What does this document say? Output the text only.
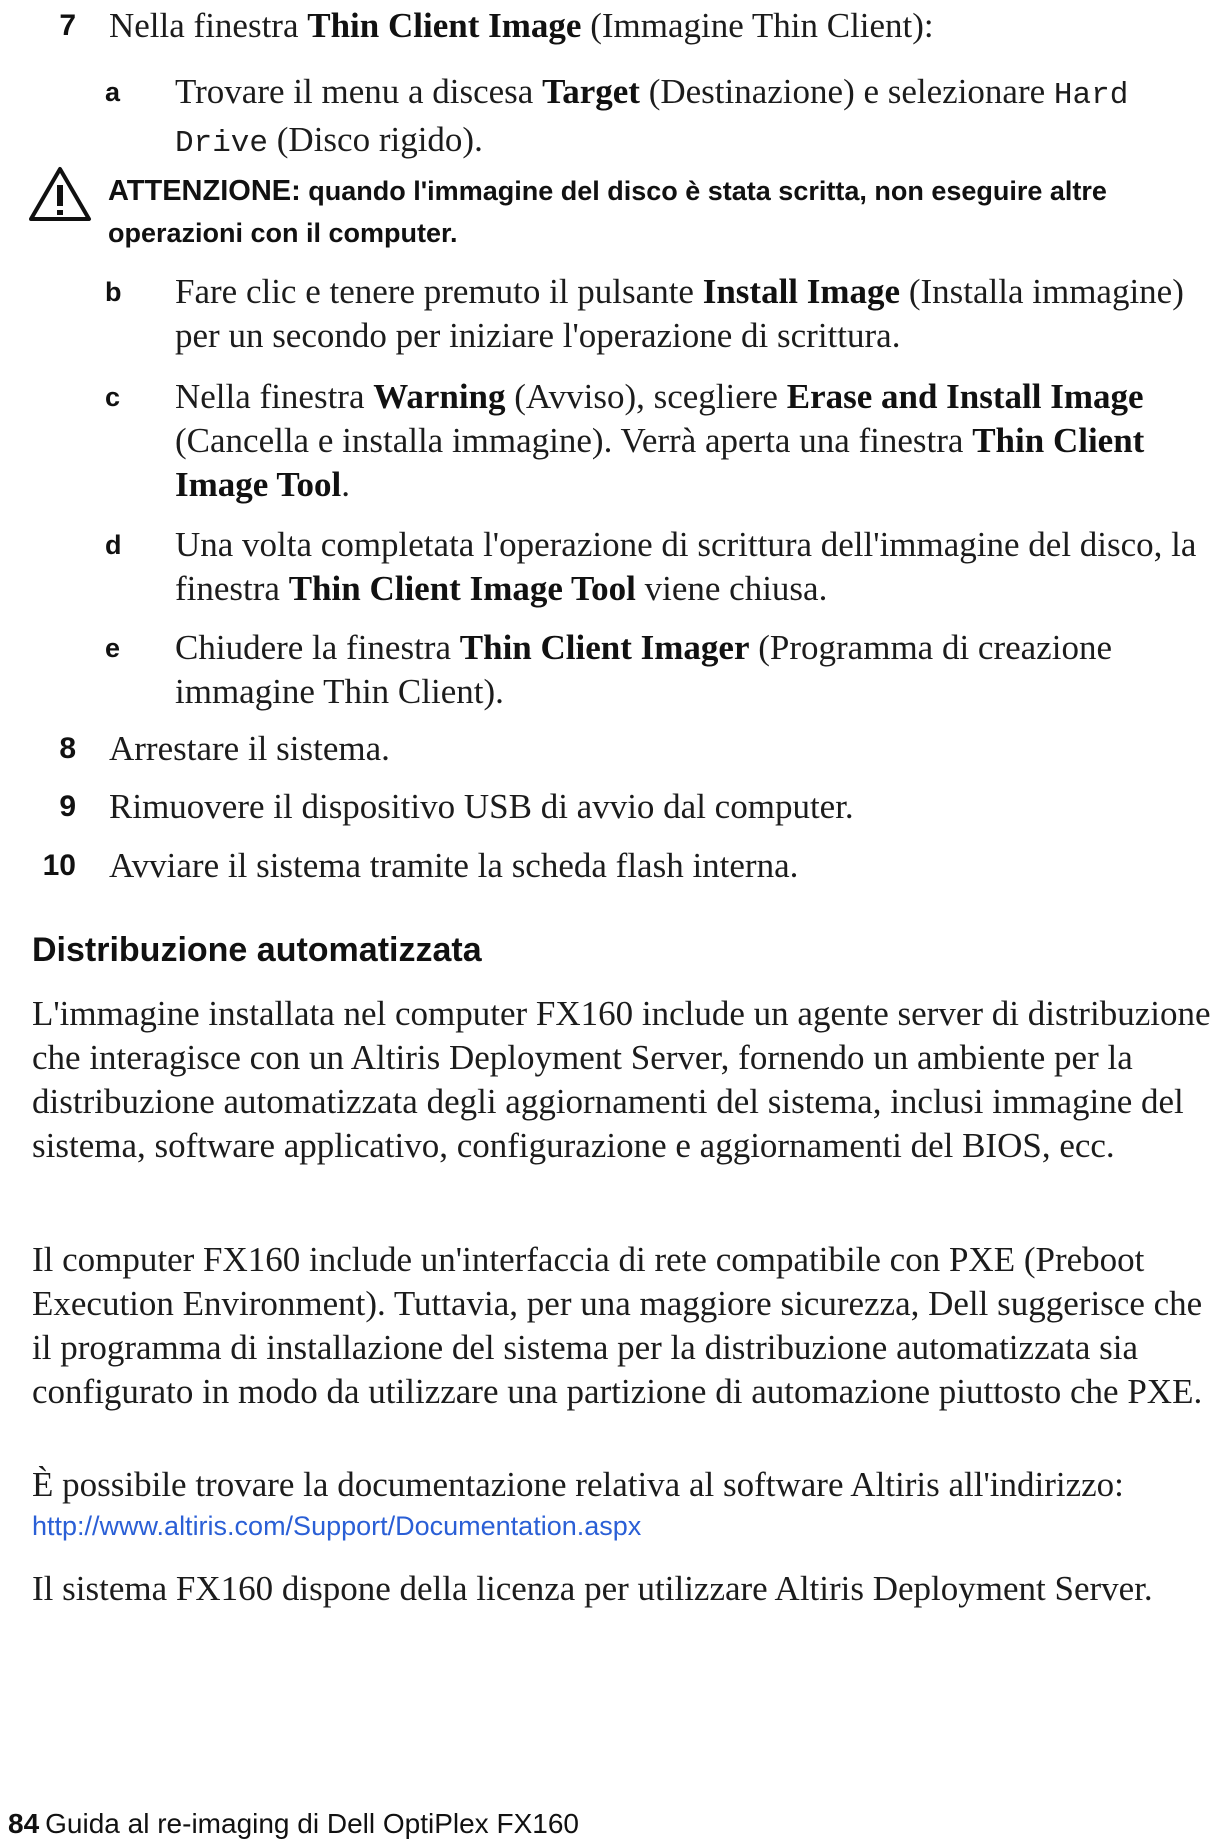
7 Nella finestra Thin Client Image (Immagine Thin Client):
a	Trovare il menu a discesa Target (Destinazione) e selezionare Hard Drive (Disco rigido).
ATTENZIONE: quando l'immagine del disco è stata scritta, non eseguire altre operazioni con il computer.
b	Fare clic e tenere premuto il pulsante Install Image (Installa immagine) per un secondo per iniziare l'operazione di scrittura.
c	Nella finestra Warning (Avviso), scegliere Erase and Install Image (Cancella e installa immagine). Verrà aperta una finestra Thin Client Image Tool.
d	Una volta completata l'operazione di scrittura dell'immagine del disco, la finestra Thin Client Image Tool viene chiusa.
e	Chiudere la finestra Thin Client Imager (Programma di creazione immagine Thin Client).
8 Arrestare il sistema.
9 Rimuovere il dispositivo USB di avvio dal computer.
10 Avviare il sistema tramite la scheda flash interna.
Distribuzione automatizzata
L'immagine installata nel computer FX160 include un agente server di distribuzione che interagisce con un Altiris Deployment Server, fornendo un ambiente per la distribuzione automatizzata degli aggiornamenti del sistema, inclusi immagine del sistema, software applicativo, configurazione e aggiornamenti del BIOS, ecc.
Il computer FX160 include un'interfaccia di rete compatibile con PXE (Preboot Execution Environment). Tuttavia, per una maggiore sicurezza, Dell suggerisce che il programma di installazione del sistema per la distribuzione automatizzata sia configurato in modo da utilizzare una partizione di automazione piuttosto che PXE.
È possibile trovare la documentazione relativa al software Altiris all'indirizzo:
http://www.altiris.com/Support/Documentation.aspx
Il sistema FX160 dispone della licenza per utilizzare Altiris Deployment Server.
84 Guida al re-imaging di Dell OptiPlex FX160
